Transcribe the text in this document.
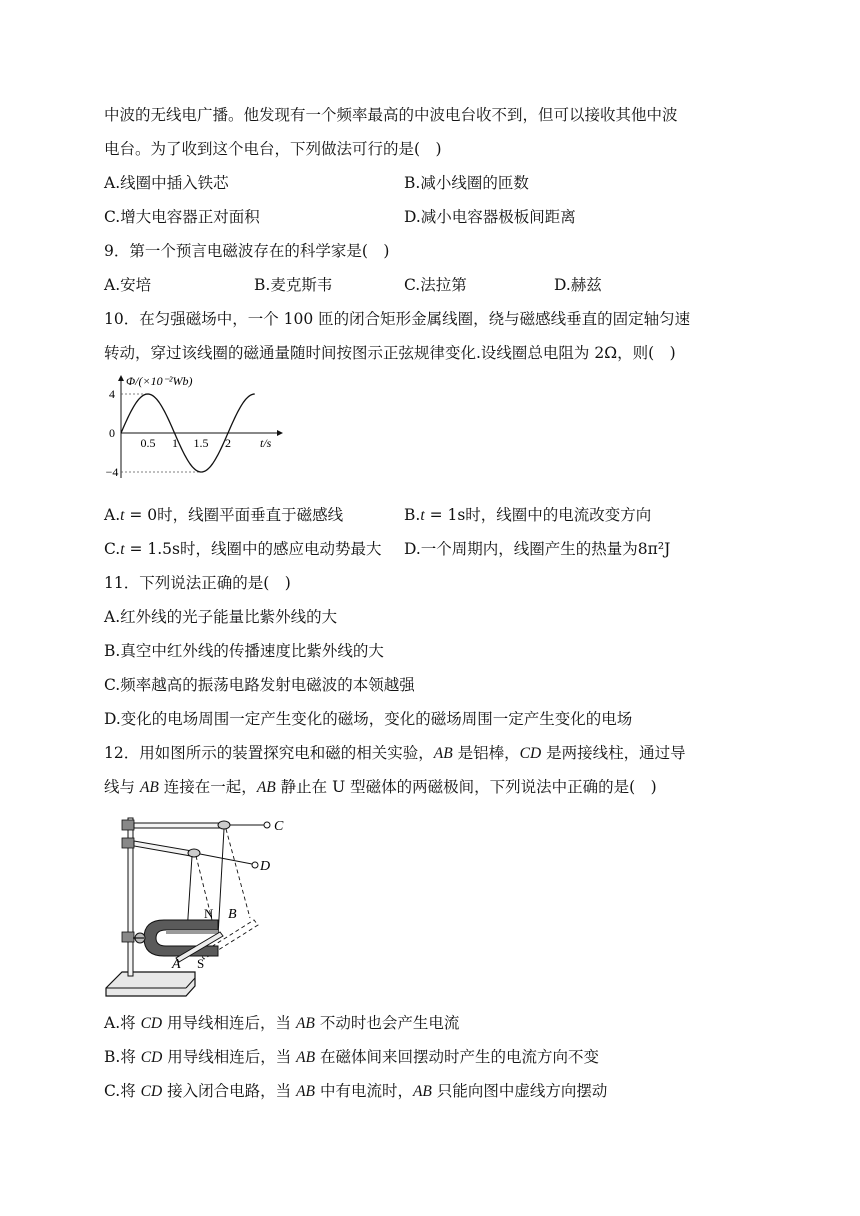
中波的无线电广播。他发现有一个频率最高的中波电台收不到，但可以接收其他中波
电台。为了收到这个电台，下列做法可行的是(　)
A.线圈中插入铁芯	B.减小线圈的匝数
C.增大电容器正对面积	D.减小电容器极板间距离
9．第一个预言电磁波存在的科学家是(　)
A.安培	B.麦克斯韦	C.法拉第	D.赫兹
10．在匀强磁场中，一个 100 匝的闭合矩形金属线圈，绕与磁感线垂直的固定轴匀速
转动，穿过该线圈的磁通量随时间按图示正弦规律变化.设线圈总电阻为 2Ω，则(　)
Φ/(×10⁻²Wb)
4
0
−4
0.5 1 1.5 2 t/s
A.t = 0时，线圈平面垂直于磁感线	B.t = 1s时，线圈中的电流改变方向
C.t = 1.5s时，线圈中的感应电动势最大 D.一个周期内，线圈产生的热量为8π²J
11．下列说法正确的是(　)
A.红外线的光子能量比紫外线的大
B.真空中红外线的传播速度比紫外线的大
C.频率越高的振荡电路发射电磁波的本领越强
D.变化的电场周围一定产生变化的磁场，变化的磁场周围一定产生变化的电场
12．用如图所示的装置探究电和磁的相关实验，AB 是铝棒，CD 是两接线柱，通过导
线与 AB 连接在一起，AB 静止在 U 型磁体的两磁极间，下列说法中正确的是(　)
C
D
N B
A S
A.将 CD 用导线相连后，当 AB 不动时也会产生电流
B.将 CD 用导线相连后，当 AB 在磁体间来回摆动时产生的电流方向不变
C.将 CD 接入闭合电路，当 AB 中有电流时，AB 只能向图中虚线方向摆动
